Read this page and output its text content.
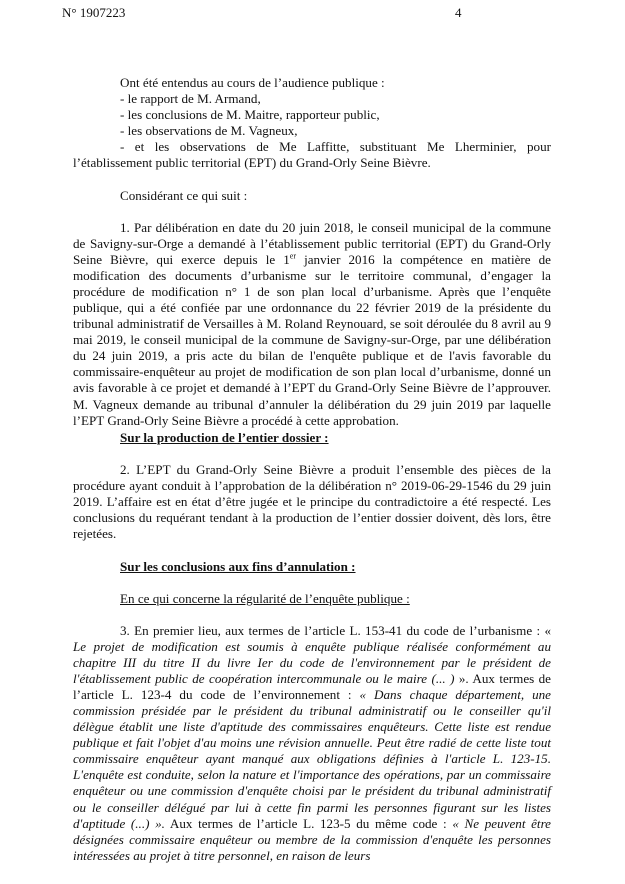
N° 1907223	4
Ont été entendus au cours de l’audience publique :
- le rapport de M. Armand,
- les conclusions de M. Maitre, rapporteur public,
- les observations de M. Vagneux,

- et les observations de Me Laffitte, substituant Me Lherminier, pour l’établissement public territorial (EPT) du Grand-Orly Seine Bièvre.

Considérant ce qui suit :

1. Par délibération en date du 20 juin 2018, le conseil municipal de la commune de Savigny-sur-Orge a demandé à l’établissement public territorial (EPT) du Grand-Orly Seine Bièvre, qui exerce depuis le 1er janvier 2016 la compétence en matière de modification des documents d’urbanisme sur le territoire communal, d’engager la procédure de modification n° 1 de son plan local d’urbanisme. Après que l’enquête publique, qui a été confiée par une ordonnance du 22 février 2019 de la présidente du tribunal administratif de Versailles à M. Roland Reynouard, se soit déroulée du 8 avril au 9 mai 2019, le conseil municipal de la commune de Savigny-sur-Orge, par une délibération du 24 juin 2019, a pris acte du bilan de l'enquête publique et de l'avis favorable du commissaire-enquêteur au projet de modification de son plan local d’urbanisme, donné un avis favorable à ce projet et demandé à l’EPT du Grand-Orly Seine Bièvre de l’approuver. M. Vagneux demande au tribunal d’annuler la délibération du 29 juin 2019 par laquelle l’EPT Grand-Orly Seine Bièvre a procédé à cette approbation.

Sur la production de l’entier dossier :

2. L’EPT du Grand-Orly Seine Bièvre a produit l’ensemble des pièces de la procédure ayant conduit à l’approbation de la délibération n° 2019-06-29-1546 du 29 juin 2019. L’affaire est en état d’être jugée et le principe du contradictoire a été respecté. Les conclusions du requérant tendant à la production de l’entier dossier doivent, dès lors, être rejetées.

Sur les conclusions aux fins d’annulation :
En ce qui concerne la régularité de l’enquête publique :

3. En premier lieu, aux termes de l’article L. 153-41 du code de l’urbanisme : « Le projet de modification est soumis à enquête publique réalisée conformément au chapitre III du titre II du livre Ier du code de l'environnement par le président de l'établissement public de coopération intercommunale ou le maire (... ) ». Aux termes de l’article L. 123-4 du code de l’environnement : « Dans chaque département, une commission présidée par le président du tribunal administratif ou le conseiller qu'il délègue établit une liste d'aptitude des commissaires enquêteurs. Cette liste est rendue publique et fait l'objet d'au moins une révision annuelle. Peut être radié de cette liste tout commissaire enquêteur ayant manqué aux obligations définies à l'article L. 123-15. L'enquête est conduite, selon la nature et l'importance des opérations, par un commissaire enquêteur ou une commission d'enquête choisi par le président du tribunal administratif ou le conseiller délégué par lui à cette fin parmi les personnes figurant sur les listes d'aptitude (...) ». Aux termes de l’article L. 123-5 du même code : « Ne peuvent être désignées commissaire enquêteur ou membre de la commission d'enquête les personnes intéressées au projet à titre personnel, en raison de leurs
